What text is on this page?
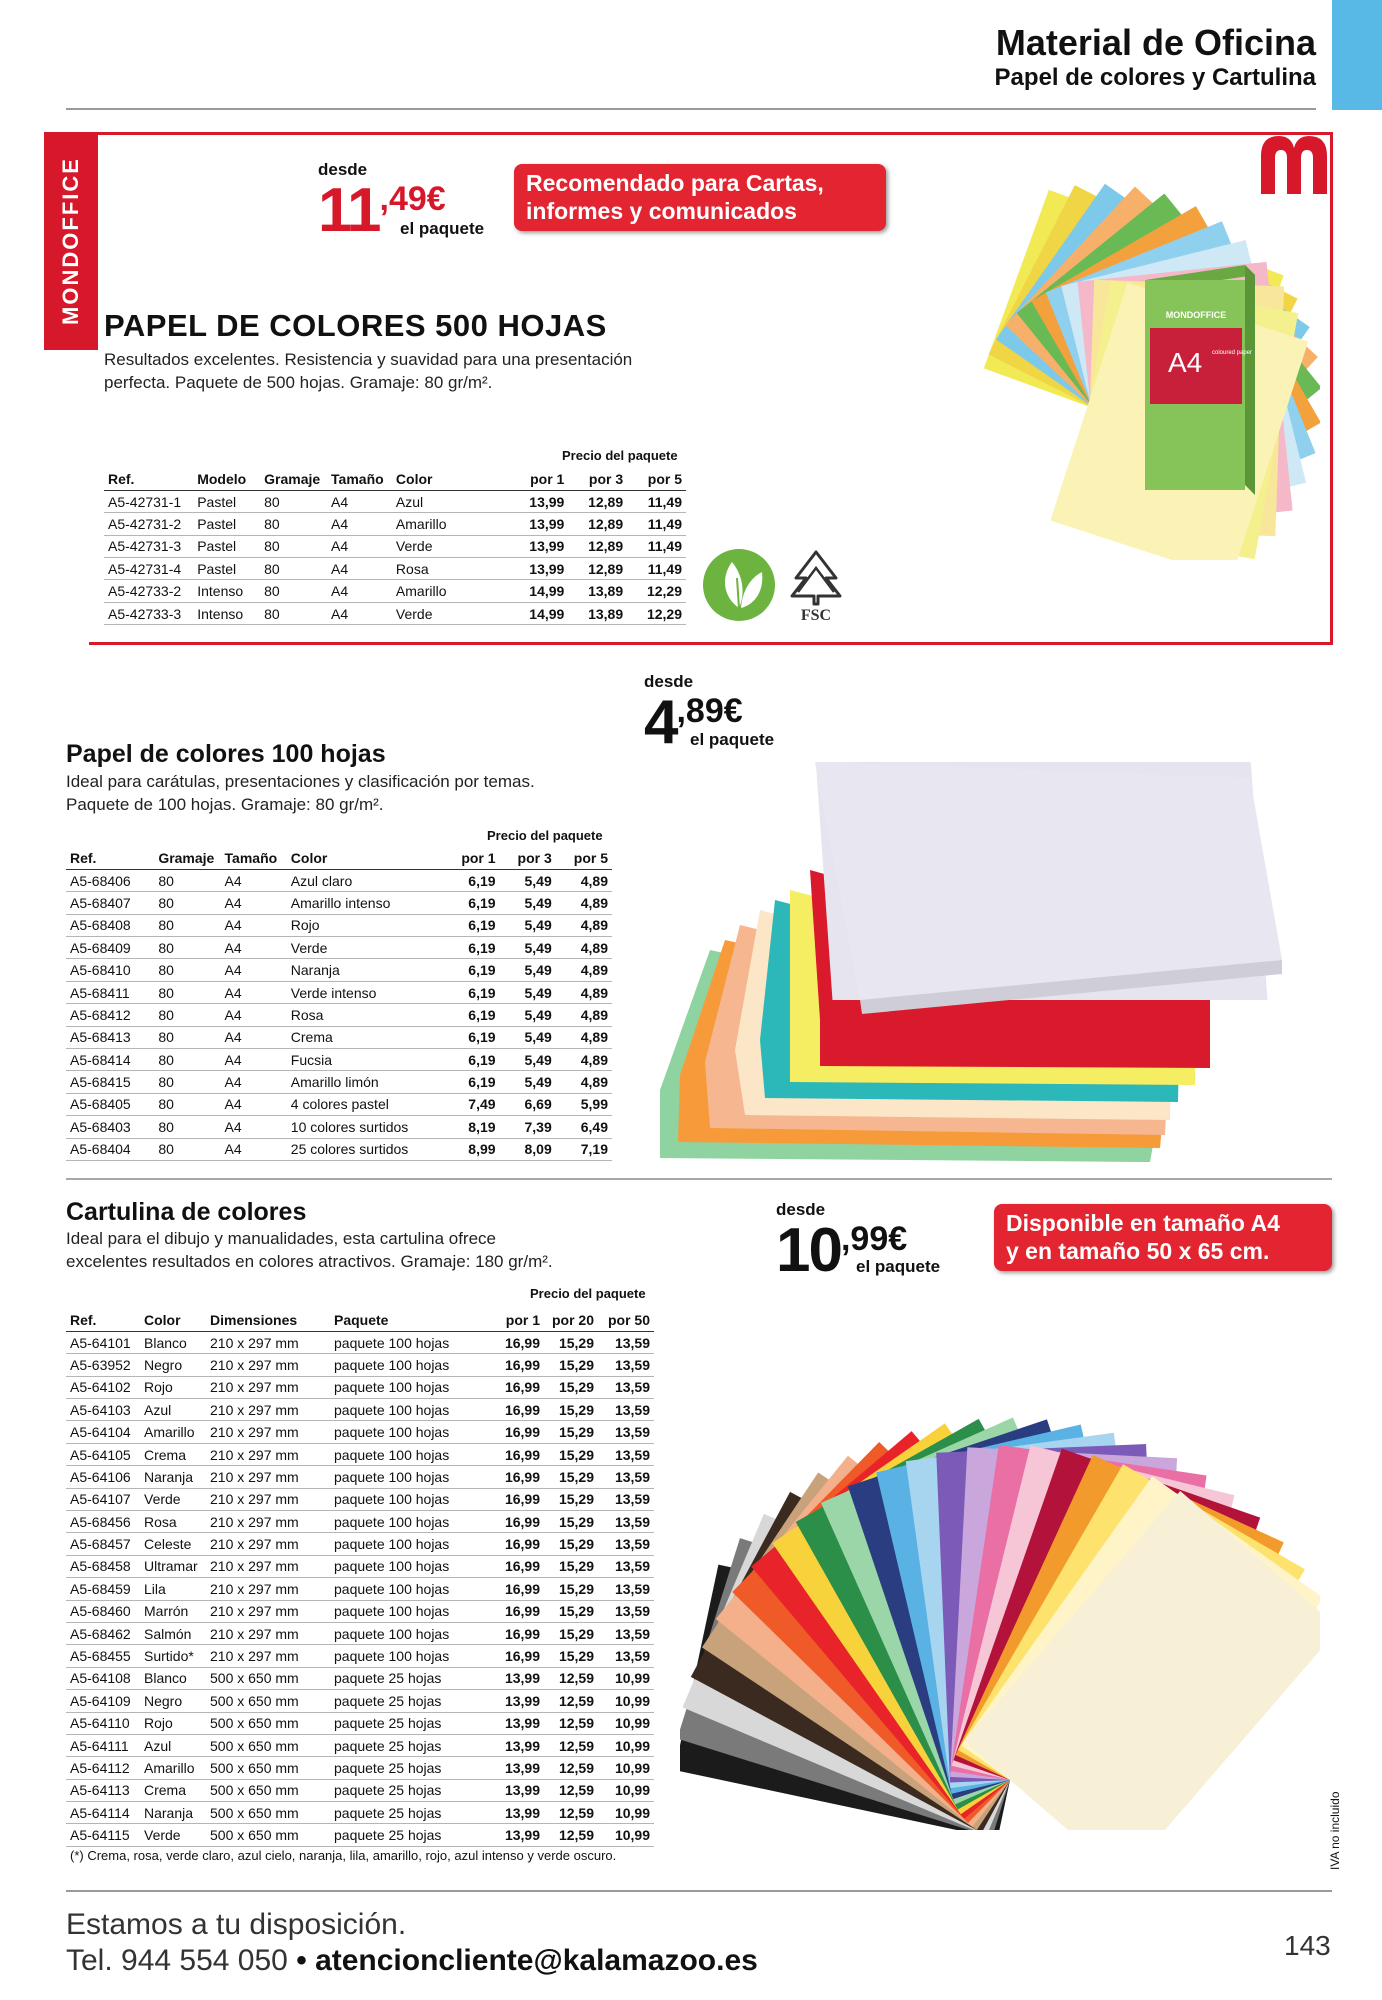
Material de Oficina
Papel de colores y Cartulina
MONDOFFICE	desde
11,49€
el paquete
Recomendado para Cartas,
informes y comunicados
PAPEL DE COLORES 500 HOJAS
Resultados excelentes. Resistencia y suavidad para una presentación
perfecta. Paquete de 500 hojas. Gramaje: 80 gr/m².
Precio del paquete
Ref.	Modelo	Gramaje	Tamaño	Color	por 1	por 3	por 5
A5-42731-1	Pastel	80	A4	Azul	13,99	12,89	11,49
A5-42731-2	Pastel	80	A4	Amarillo	13,99	12,89	11,49
A5-42731-3	Pastel	80	A4	Verde	13,99	12,89	11,49
A5-42731-4	Pastel	80	A4	Rosa	13,99	12,89	11,49
A5-42733-2	Intenso	80	A4	Amarillo	14,99	13,89	12,29
A5-42733-3	Intenso	80	A4	Verde	14,99	13,89	12,29	FSC
MONDOFFICE
A4 coloured paper
desde
4,89€
el paquete
Papel de colores 100 hojas
Ideal para carátulas, presentaciones y clasificación por temas.
Paquete de 100 hojas. Gramaje: 80 gr/m².
Precio del paquete
Ref.	Gramaje	Tamaño	Color	por 1	por 3	por 5
A5-68406	80	A4	Azul claro	6,19	5,49	4,89
A5-68407	80	A4	Amarillo intenso	6,19	5,49	4,89
A5-68408	80	A4	Rojo	6,19	5,49	4,89
A5-68409	80	A4	Verde	6,19	5,49	4,89
A5-68410	80	A4	Naranja	6,19	5,49	4,89
A5-68411	80	A4	Verde intenso	6,19	5,49	4,89
A5-68412	80	A4	Rosa	6,19	5,49	4,89
A5-68413	80	A4	Crema	6,19	5,49	4,89
A5-68414	80	A4	Fucsia	6,19	5,49	4,89
A5-68415	80	A4	Amarillo limón	6,19	5,49	4,89
A5-68405	80	A4	4 colores pastel	7,49	6,69	5,99
A5-68403	80	A4	10 colores surtidos	8,19	7,39	6,49
A5-68404	80	A4	25 colores surtidos	8,99	8,09	7,19
desde
10,99€
el paquete
Disponible en tamaño A4
y en tamaño 50 x 65 cm.
Cartulina de colores
Ideal para el dibujo y manualidades, esta cartulina ofrece
excelentes resultados en colores atractivos. Gramaje: 180 gr/m².
Precio del paquete
Ref.	Color	Dimensiones	Paquete	por 1	por 20	por 50
A5-64101	Blanco	210 x 297 mm	paquete 100 hojas	16,99	15,29	13,59
A5-63952	Negro	210 x 297 mm	paquete 100 hojas	16,99	15,29	13,59
A5-64102	Rojo	210 x 297 mm	paquete 100 hojas	16,99	15,29	13,59
A5-64103	Azul	210 x 297 mm	paquete 100 hojas	16,99	15,29	13,59
A5-64104	Amarillo	210 x 297 mm	paquete 100 hojas	16,99	15,29	13,59
A5-64105	Crema	210 x 297 mm	paquete 100 hojas	16,99	15,29	13,59
A5-64106	Naranja	210 x 297 mm	paquete 100 hojas	16,99	15,29	13,59
A5-64107	Verde	210 x 297 mm	paquete 100 hojas	16,99	15,29	13,59
A5-68456	Rosa	210 x 297 mm	paquete 100 hojas	16,99	15,29	13,59
A5-68457	Celeste	210 x 297 mm	paquete 100 hojas	16,99	15,29	13,59
A5-68458	Ultramar	210 x 297 mm	paquete 100 hojas	16,99	15,29	13,59
A5-68459	Lila	210 x 297 mm	paquete 100 hojas	16,99	15,29	13,59
A5-68460	Marrón	210 x 297 mm	paquete 100 hojas	16,99	15,29	13,59
A5-68462	Salmón	210 x 297 mm	paquete 100 hojas	16,99	15,29	13,59
A5-68455	Surtido*	210 x 297 mm	paquete 100 hojas	16,99	15,29	13,59
A5-64108	Blanco	500 x 650 mm	paquete 25 hojas	13,99	12,59	10,99
A5-64109	Negro	500 x 650 mm	paquete 25 hojas	13,99	12,59	10,99
A5-64110	Rojo	500 x 650 mm	paquete 25 hojas	13,99	12,59	10,99
A5-64111	Azul	500 x 650 mm	paquete 25 hojas	13,99	12,59	10,99
A5-64112	Amarillo	500 x 650 mm	paquete 25 hojas	13,99	12,59	10,99
A5-64113	Crema	500 x 650 mm	paquete 25 hojas	13,99	12,59	10,99
A5-64114	Naranja	500 x 650 mm	paquete 25 hojas	13,99	12,59	10,99
A5-64115	Verde	500 x 650 mm	paquete 25 hojas	13,99	12,59	10,99
(*) Crema, rosa, verde claro, azul cielo, naranja, lila, amarillo, rojo, azul intenso y verde oscuro.	IVA no incluido
Estamos a tu disposición.
Tel. 944 554 050 • atencioncliente@kalamazoo.es	143
